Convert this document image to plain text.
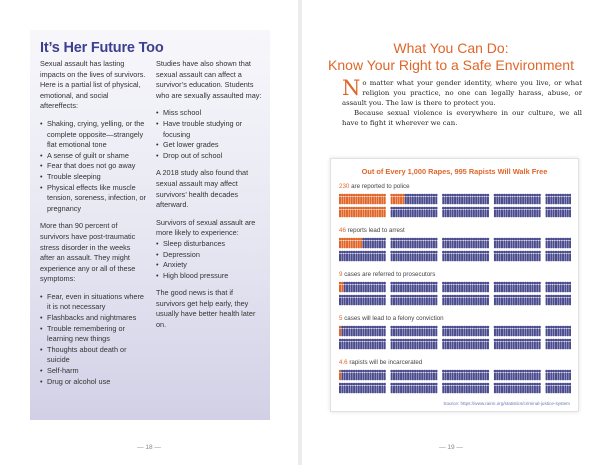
It’s Her Future Too

Sexual assault has lasting impacts on the lives of survivors. Here is a partial list of physical, emotional, and social aftereffects:

• Shaking, crying, yelling, or the complete opposite—strangely flat emotional tone
• A sense of guilt or shame
• Fear that does not go away
• Trouble sleeping
• Physical effects like muscle tension, soreness, infection, or pregnancy

More than 90 percent of survivors have post-traumatic stress disorder in the weeks after an assault. They might experience any or all of these symptoms:

• Fear, even in situations where it is not necessary
• Flashbacks and nightmares
• Trouble remembering or learning new things
• Thoughts about death or suicide
• Self-harm
• Drug or alcohol use

Studies have also shown that sexual assault can affect a survivor’s education. Students who are sexually assaulted may:

• Miss school
• Have trouble studying or focusing
• Get lower grades
• Drop out of school

A 2018 study also found that sexual assault may affect survivors’ health decades afterward.

Survivors of sexual assault are more likely to experience:

• Sleep disturbances
• Depression
• Anxiety
• High blood pressure

The good news is that if survivors get help early, they usually have better health later on.

— 18 —
What You Can Do:
Know Your Right to a Safe Environment

No matter what your gender identity, where you live, or what religion you practice, no one can legally harass, abuse, or assault you. The law is there to protect you.

Because sexual violence is everywhere in our culture, we all have to fight it wherever we can.

Out of Every 1,000 Rapes, 995 Rapists Will Walk Free
230 are reported to police
46 reports lead to arrest
9 cases are referred to prosecutors
5 cases will lead to a felony conviction
4.6 rapists will be incarcerated
Source: https://www.rainn.org/statistics/criminal-justice-system
— 19 —
